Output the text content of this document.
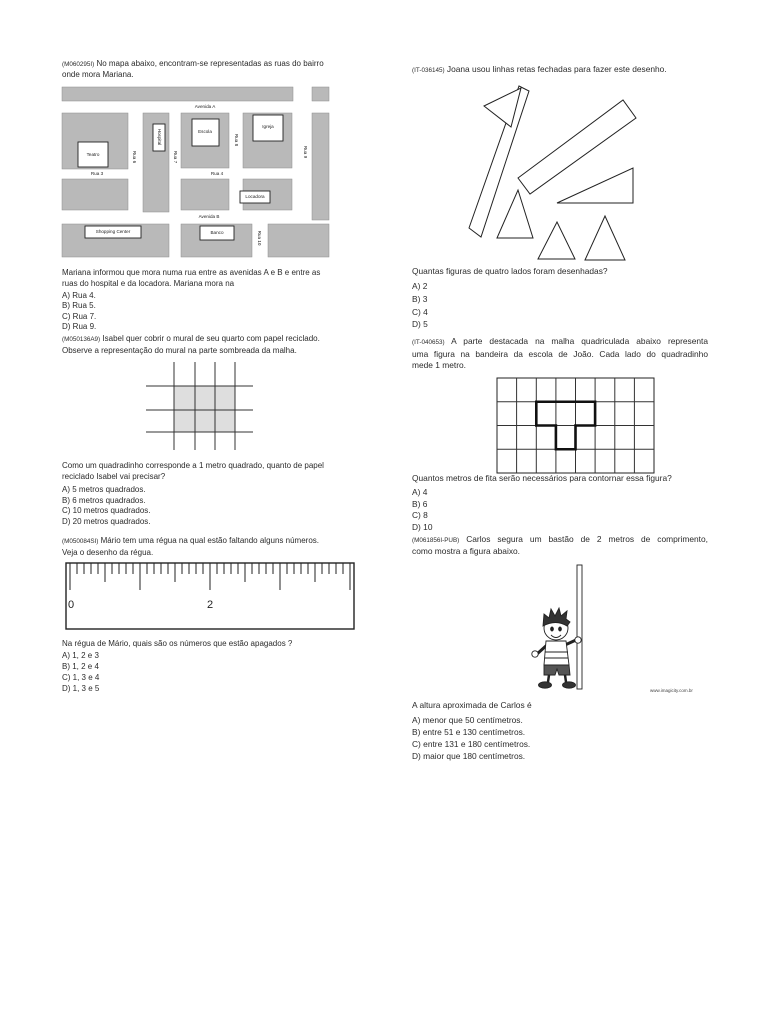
(M060295I) No mapa abaixo, encontram-se representadas as ruas do bairro
onde mora Mariana.
Teatro
Hospital	Escola
Igreja
Locadora
Shopping Center	Banco
Avenida A
Avenida B
Rua 3	Rua 4
Rua 6	Rua 7
Rua 8
Rua 9
Rua 10
Mariana informou que mora numa rua entre as avenidas A e B e entre as
ruas do hospital e da locadora. Mariana mora na
A) Rua 4.
B) Rua 5.
C) Rua 7.
D) Rua 9.
(M050136A9) Isabel quer cobrir o mural de seu quarto com papel reciclado.
Observe a representação do mural na parte sombreada da malha.
Como um quadradinho corresponde a 1 metro quadrado, quanto de papel
reciclado Isabel vai precisar?
A) 5 metros quadrados.
B) 6 metros quadrados.
C) 10 metros quadrados.
D) 20 metros quadrados.
(M050084SI) Mário tem uma régua na qual estão faltando alguns números.
Veja o desenho da régua.
0	2
Na régua de Mário, quais são os números que estão apagados ?
A) 1, 2 e 3
B) 1, 2 e 4
C) 1, 3 e 4
D) 1, 3 e 5
(IT-036145) Joana usou linhas retas fechadas para fazer este desenho.
Quantas figuras de quatro lados foram desenhadas?
A) 2
B) 3
C) 4
D) 5
(IT-040653) A parte destacada na malha quadriculada abaixo representa
uma figura na bandeira da escola de João. Cada lado do quadradinho
mede 1 metro.
Quantos metros de fita serão necessários para contornar essa figura?
A) 4
B) 6
C) 8
D) 10
(M061856I-PUB) Carlos segura um bastão de 2 metros de comprimento,
como mostra a figura abaixo.
www.imagicity.com.br
A altura aproximada de Carlos é
A) menor que 50 centímetros.
B) entre 51 e 130 centímetros.
C) entre 131 e 180 centímetros.
D) maior que 180 centímetros.
